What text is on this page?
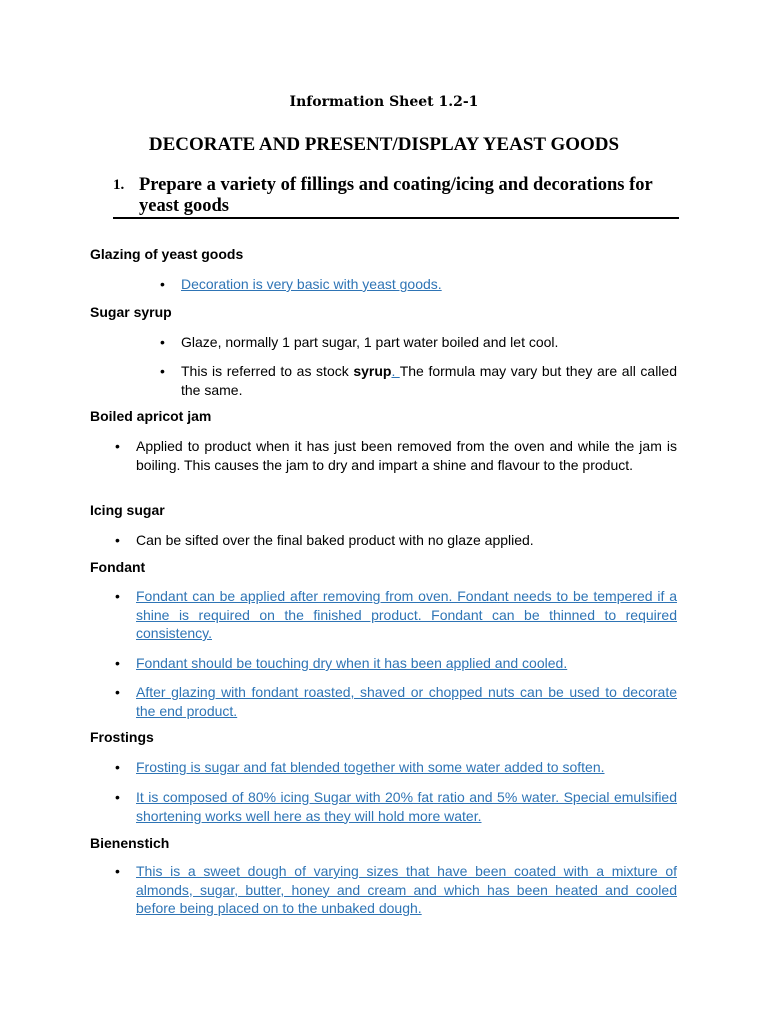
Information Sheet 1.2-1
DECORATE AND PRESENT/DISPLAY YEAST GOODS
1. Prepare a variety of fillings and coating/icing and decorations for yeast goods
Glazing of yeast goods
• Decoration is very basic with yeast goods.
Sugar syrup
• Glaze, normally 1 part sugar, 1 part water boiled and let cool.
• This is referred to as stock syrup. The formula may vary but they are all called the same.
Boiled apricot jam
• Applied to product when it has just been removed from the oven and while the jam is boiling. This causes the jam to dry and impart a shine and flavour to the product.
Icing sugar
• Can be sifted over the final baked product with no glaze applied.
Fondant
• Fondant can be applied after removing from oven. Fondant needs to be tempered if a shine is required on the finished product. Fondant can be thinned to required consistency.
• Fondant should be touching dry when it has been applied and cooled.
• After glazing with fondant roasted, shaved or chopped nuts can be used to decorate the end product.
Frostings
• Frosting is sugar and fat blended together with some water added to soften.
• It is composed of 80% icing Sugar with 20% fat ratio and 5% water. Special emulsified shortening works well here as they will hold more water.
Bienenstich
• This is a sweet dough of varying sizes that have been coated with a mixture of almonds, sugar, butter, honey and cream and which has been heated and cooled before being placed on to the unbaked dough.
